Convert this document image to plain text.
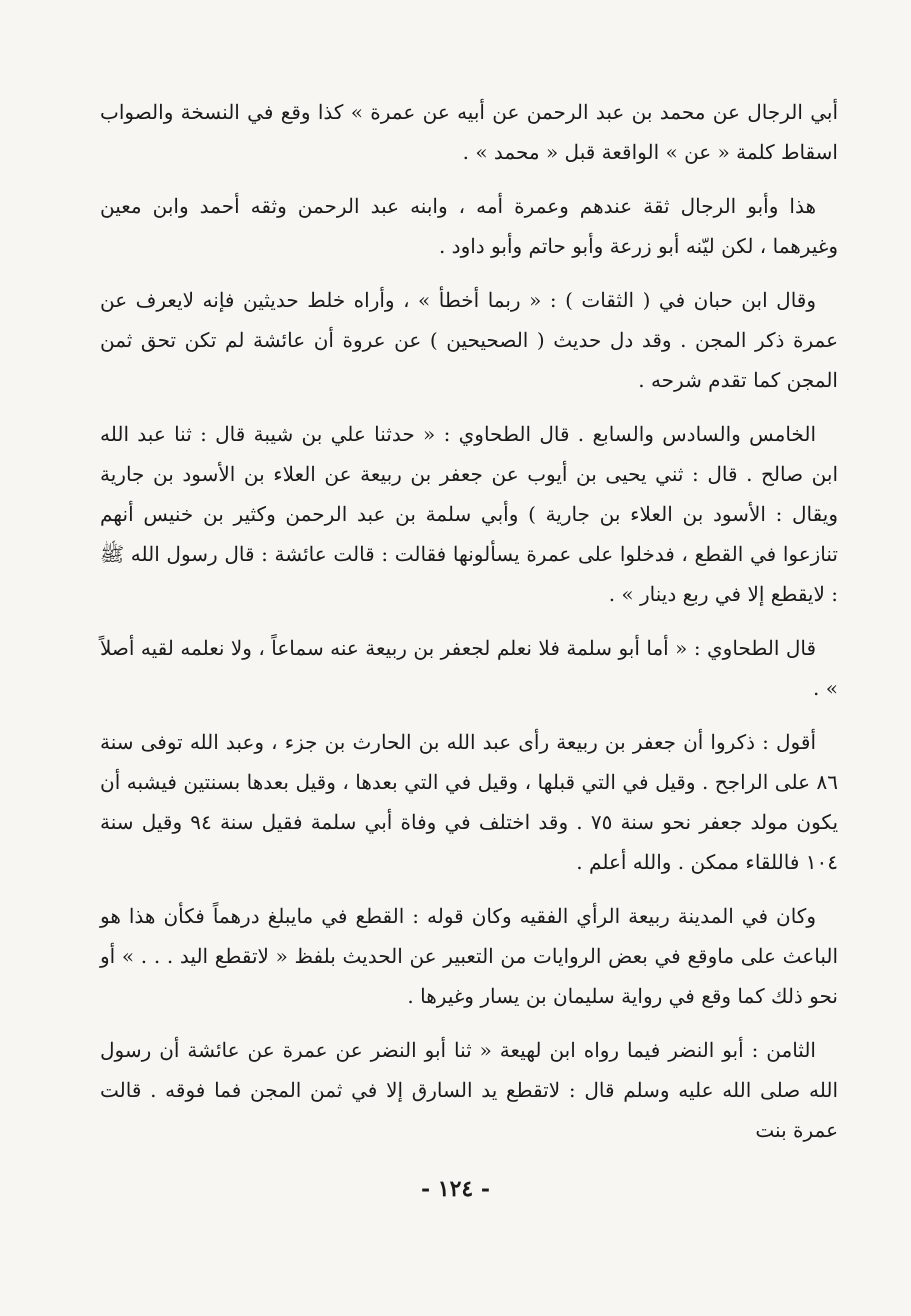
أبي الرجال عن محمد بن عبد الرحمن عن أبيه عن عمرة » كذا وقع في النسخة والصواب اسقاط كلمة « عن » الواقعة قبل « محمد » .

هذا وأبو الرجال ثقة عندهم وعمرة أمه ، وابنه عبد الرحمن وثقه أحمد وابن معين وغيرهما ، لكن ليّنه أبو زرعة وأبو حاتم وأبو داود .

وقال ابن حبان في ( الثقات ) : « ربما أخطأ » ، وأراه خلط حديثين فإنه لايعرف عن عمرة ذكر المجن . وقد دل حديث ( الصحيحين ) عن عروة أن عائشة لم تكن تحق ثمن المجن كما تقدم شرحه .

الخامس والسادس والسابع . قال الطحاوي : « حدثنا علي بن شيبة قال : ثنا عبد الله ابن صالح . قال : ثني يحيى بن أيوب عن جعفر بن ربيعة عن العلاء بن الأسود بن جارية ويقال : الأسود بن العلاء بن جارية ) وأبي سلمة بن عبد الرحمن وكثير بن خنيس أنهم تنازعوا في القطع ، فدخلوا على عمرة يسألونها فقالت : قالت عائشة : قال رسول الله ﷺ : لايقطع إلا في ربع دينار » .

قال الطحاوي : « أما أبو سلمة فلا نعلم لجعفر بن ربيعة عنه سماعاً ، ولا نعلمه لقيه أصلاً » .

أقول : ذكروا أن جعفر بن ربيعة رأى عبد الله بن الحارث بن جزء ، وعبد الله توفى سنة ٨٦ على الراجح . وقيل في التي قبلها ، وقيل في التي بعدها ، وقيل بعدها بسنتين فيشبه أن يكون مولد جعفر نحو سنة ٧٥ . وقد اختلف في وفاة أبي سلمة فقيل سنة ٩٤ وقيل سنة ١٠٤ فاللقاء ممكن . والله أعلم .

وكان في المدينة ربيعة الرأي الفقيه وكان قوله : القطع في مايبلغ درهماً فكأن هذا هو الباعث على ماوقع في بعض الروايات من التعبير عن الحديث بلفظ « لاتقطع اليد . . . » أو نحو ذلك كما وقع في رواية سليمان بن يسار وغيرها .

الثامن : أبو النضر فيما رواه ابن لهيعة « ثنا أبو النضر عن عمرة عن عائشة أن رسول الله صلى الله عليه وسلم قال : لاتقطع يد السارق إلا في ثمن المجن فما فوقه . قالت عمرة بنت

- ١٢٤ -
